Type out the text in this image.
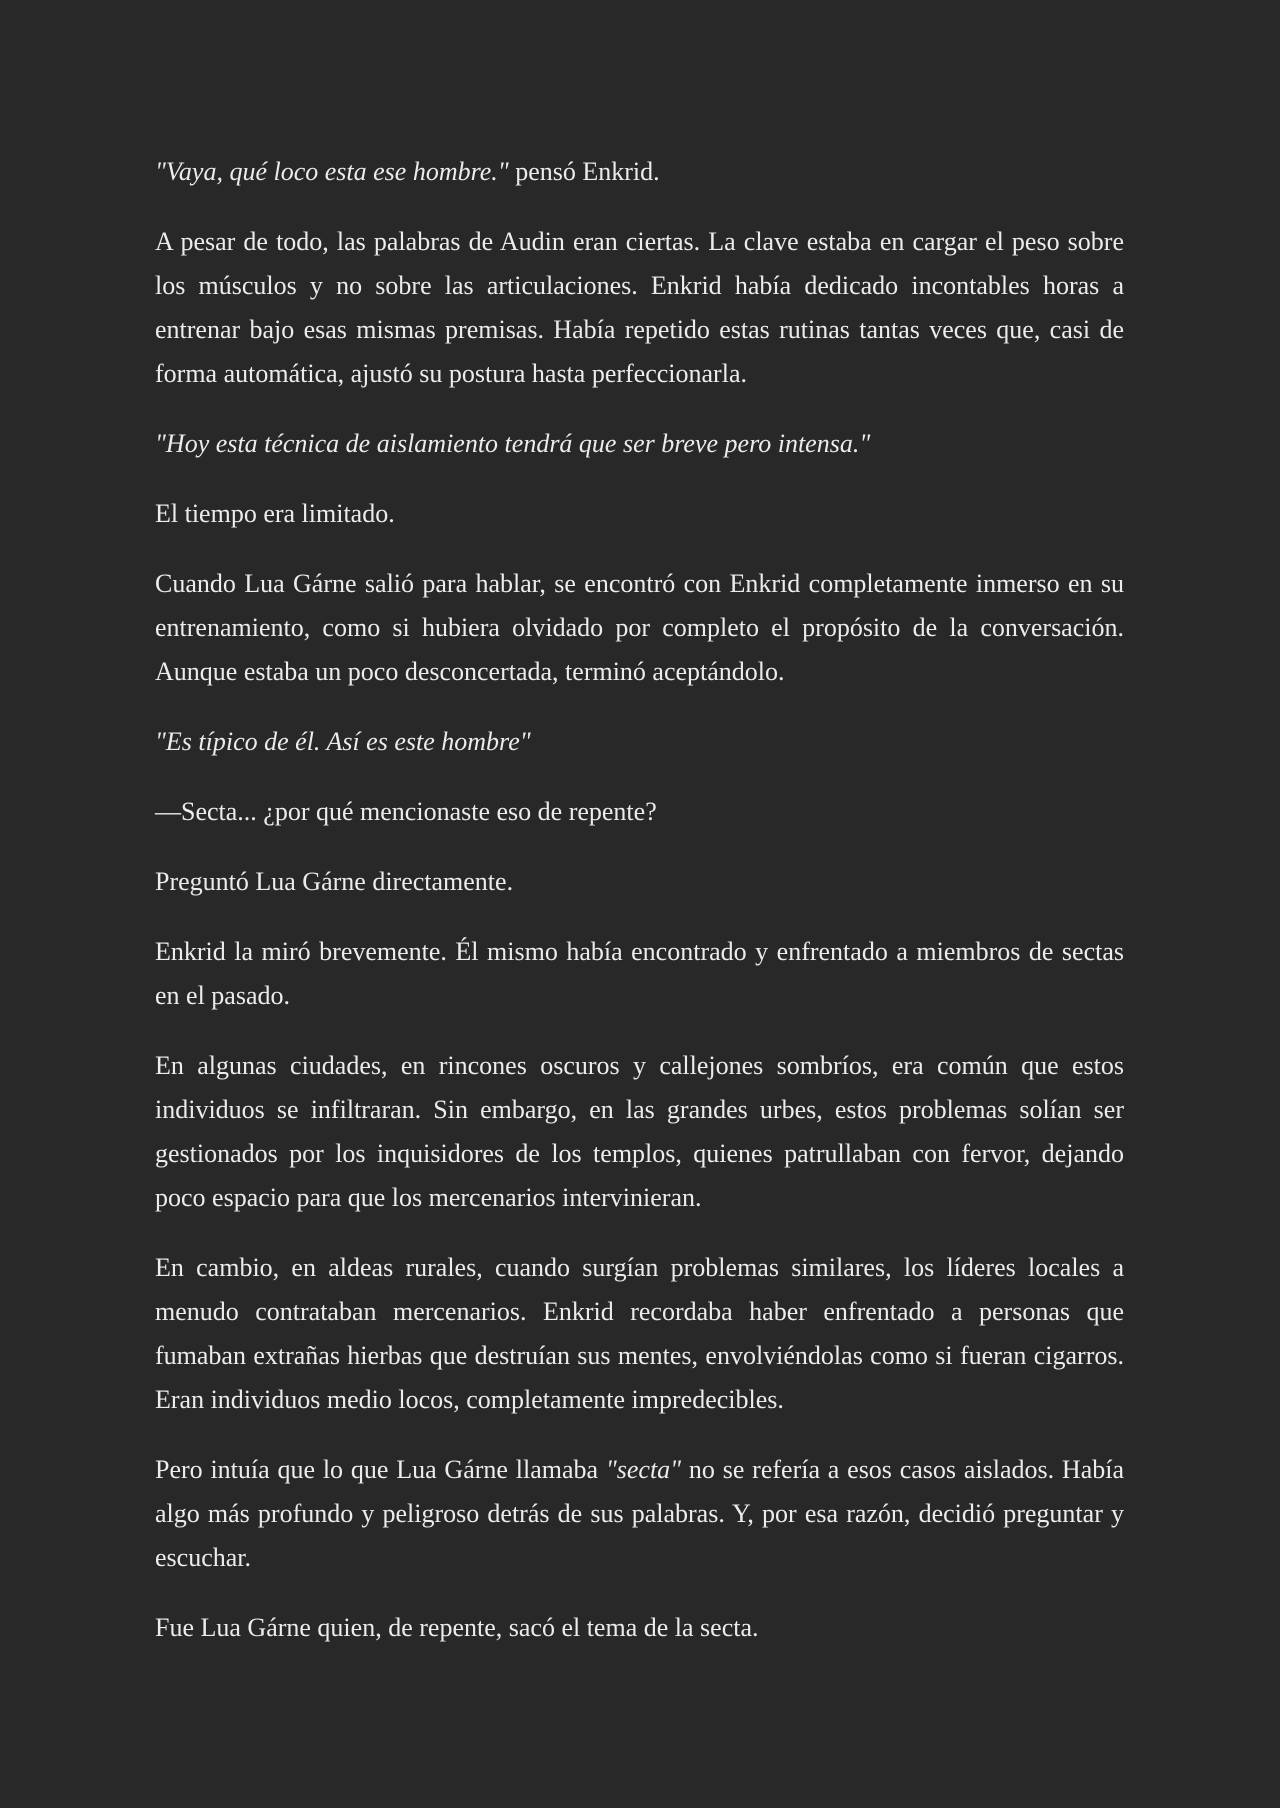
"Vaya, qué loco esta ese hombre." pensó Enkrid.

A pesar de todo, las palabras de Audin eran ciertas. La clave estaba en cargar el peso sobre los músculos y no sobre las articulaciones. Enkrid había dedicado incontables horas a entrenar bajo esas mismas premisas. Había repetido estas rutinas tantas veces que, casi de forma automática, ajustó su postura hasta perfeccionarla.

"Hoy esta técnica de aislamiento tendrá que ser breve pero intensa."

El tiempo era limitado.

Cuando Lua Gárne salió para hablar, se encontró con Enkrid completamente inmerso en su entrenamiento, como si hubiera olvidado por completo el propósito de la conversación. Aunque estaba un poco desconcertada, terminó aceptándolo.

"Es típico de él. Así es este hombre"

—Secta... ¿por qué mencionaste eso de repente?

Preguntó Lua Gárne directamente.

Enkrid la miró brevemente. Él mismo había encontrado y enfrentado a miembros de sectas en el pasado.

En algunas ciudades, en rincones oscuros y callejones sombríos, era común que estos individuos se infiltraran. Sin embargo, en las grandes urbes, estos problemas solían ser gestionados por los inquisidores de los templos, quienes patrullaban con fervor, dejando poco espacio para que los mercenarios intervinieran.

En cambio, en aldeas rurales, cuando surgían problemas similares, los líderes locales a menudo contrataban mercenarios. Enkrid recordaba haber enfrentado a personas que fumaban extrañas hierbas que destruían sus mentes, envolviéndolas como si fueran cigarros. Eran individuos medio locos, completamente impredecibles.

Pero intuía que lo que Lua Gárne llamaba "secta" no se refería a esos casos aislados. Había algo más profundo y peligroso detrás de sus palabras. Y, por esa razón, decidió preguntar y escuchar.

Fue Lua Gárne quien, de repente, sacó el tema de la secta.
